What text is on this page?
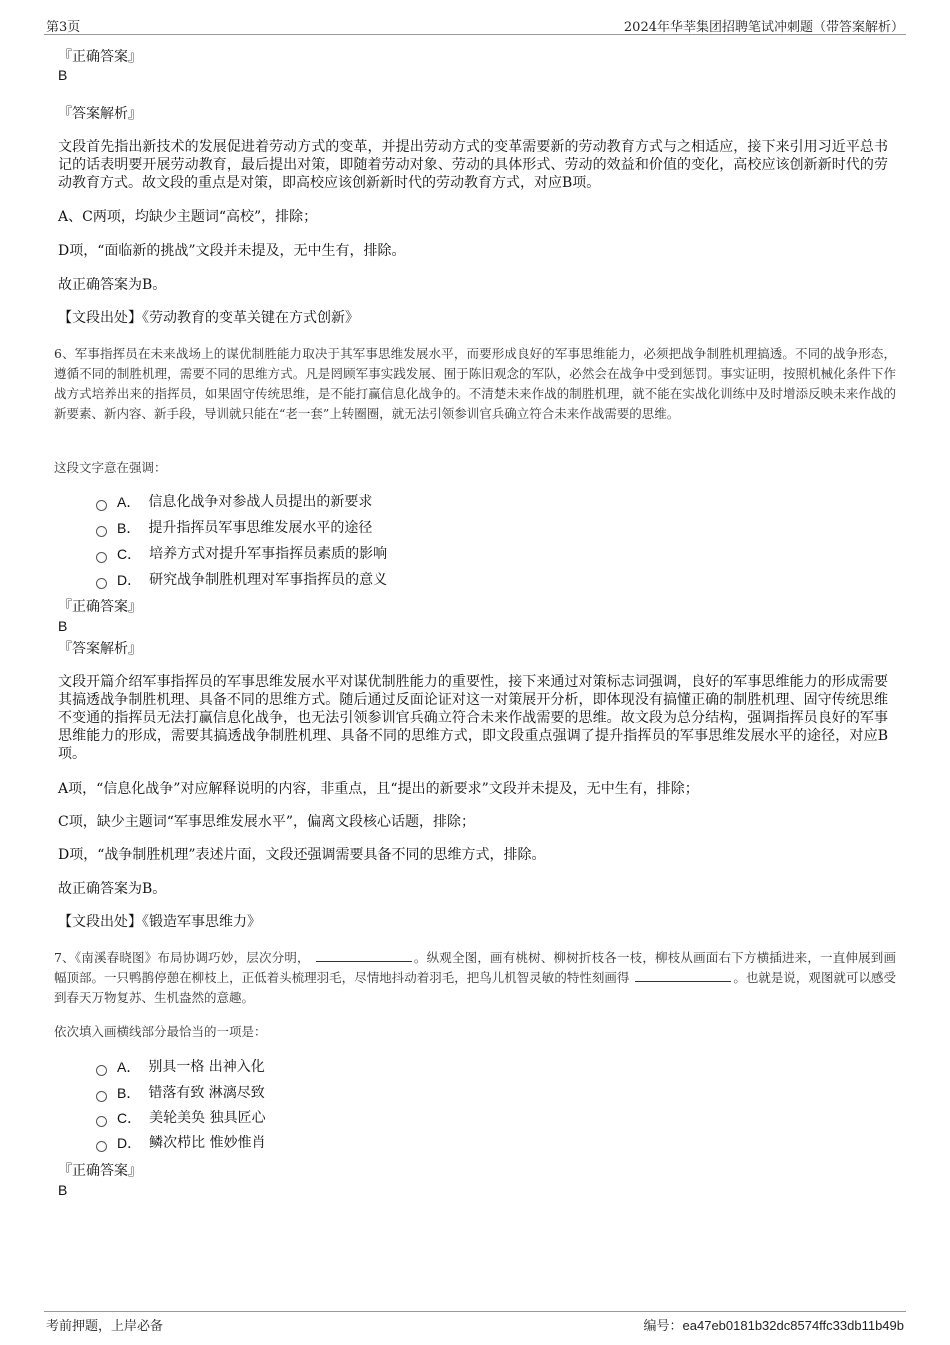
第3页	2024年华莘集团招聘笔试冲刺题（带答案解析）
『正确答案』
B
『答案解析』
文段首先指出新技术的发展促进着劳动方式的变革，并提出劳动方式的变革需要新的劳动教育方式与之相适应，接下来引用习近平总书记的话表明要开展劳动教育，最后提出对策，即随着劳动对象、劳动的具体形式、劳动的效益和价值的变化，高校应该创新新时代的劳动教育方式。故文段的重点是对策，即高校应该创新新时代的劳动教育方式，对应B项。
A、C两项，均缺少主题词“高校”，排除；
D项，“面临新的挑战”文段并未提及，无中生有，排除。
故正确答案为B。
【文段出处】《劳动教育的变革关键在方式创新》
6、军事指挥员在未来战场上的谋优制胜能力取决于其军事思维发展水平，而要形成良好的军事思维能力，必须把战争制胜机理搞透。不同的战争形态，遵循不同的制胜机理，需要不同的思维方式。凡是罔顾军事实践发展、囿于陈旧观念的军队，必然会在战争中受到惩罚。事实证明，按照机械化条件下作战方式培养出来的指挥员，如果固守传统思维，是不能打赢信息化战争的。不清楚未来作战的制胜机理，就不能在实战化训练中及时增添反映未来作战的新要素、新内容、新手段，导训就只能在“老一套”上转圈圈，就无法引领参训官兵确立符合未来作战需要的思维。
这段文字意在强调：
A． 信息化战争对参战人员提出的新要求
B． 提升指挥员军事思维发展水平的途径
C． 培养方式对提升军事指挥员素质的影响
D． 研究战争制胜机理对军事指挥员的意义
『正确答案』
B
『答案解析』
文段开篇介绍军事指挥员的军事思维发展水平对谋优制胜能力的重要性，接下来通过对策标志词强调，良好的军事思维能力的形成需要其搞透战争制胜机理、具备不同的思维方式。随后通过反面论证对这一对策展开分析，即体现没有搞懂正确的制胜机理、固守传统思维不变通的指挥员无法打赢信息化战争，也无法引领参训官兵确立符合未来作战需要的思维。故文段为总分结构，强调指挥员良好的军事思维能力的形成，需要其搞透战争制胜机理、具备不同的思维方式，即文段重点强调了提升指挥员的军事思维发展水平的途径，对应B项。
A项，“信息化战争”对应解释说明的内容，非重点，且“提出的新要求”文段并未提及，无中生有，排除；
C项，缺少主题词“军事思维发展水平”，偏离文段核心话题，排除；
D项，“战争制胜机理”表述片面，文段还强调需要具备不同的思维方式，排除。
故正确答案为B。
【文段出处】《锻造军事思维力》
7、《南溪春晓图》布局协调巧妙，层次分明，	。纵观全图，画有桃树、柳树折枝各一枝，柳枝从画面右下方横插进来，一直伸展到画幅顶部。一只鸭鹊停憩在柳枝上，正低着头梳理羽毛，尽情地抖动着羽毛，把鸟儿机智灵敏的特性刻画得	。也就是说，观图就可以感受到春天万物复苏、生机盎然的意趣。
依次填入画横线部分最恰当的一项是：
A． 别具一格 出神入化
B． 错落有致 淋漓尽致
C． 美轮美奂 独具匠心
D． 鳞次栉比 惟妙惟肖
『正确答案』
B
考前押题，上岸必备	编号：ea47eb0181b32dc8574ffc33db11b49b
